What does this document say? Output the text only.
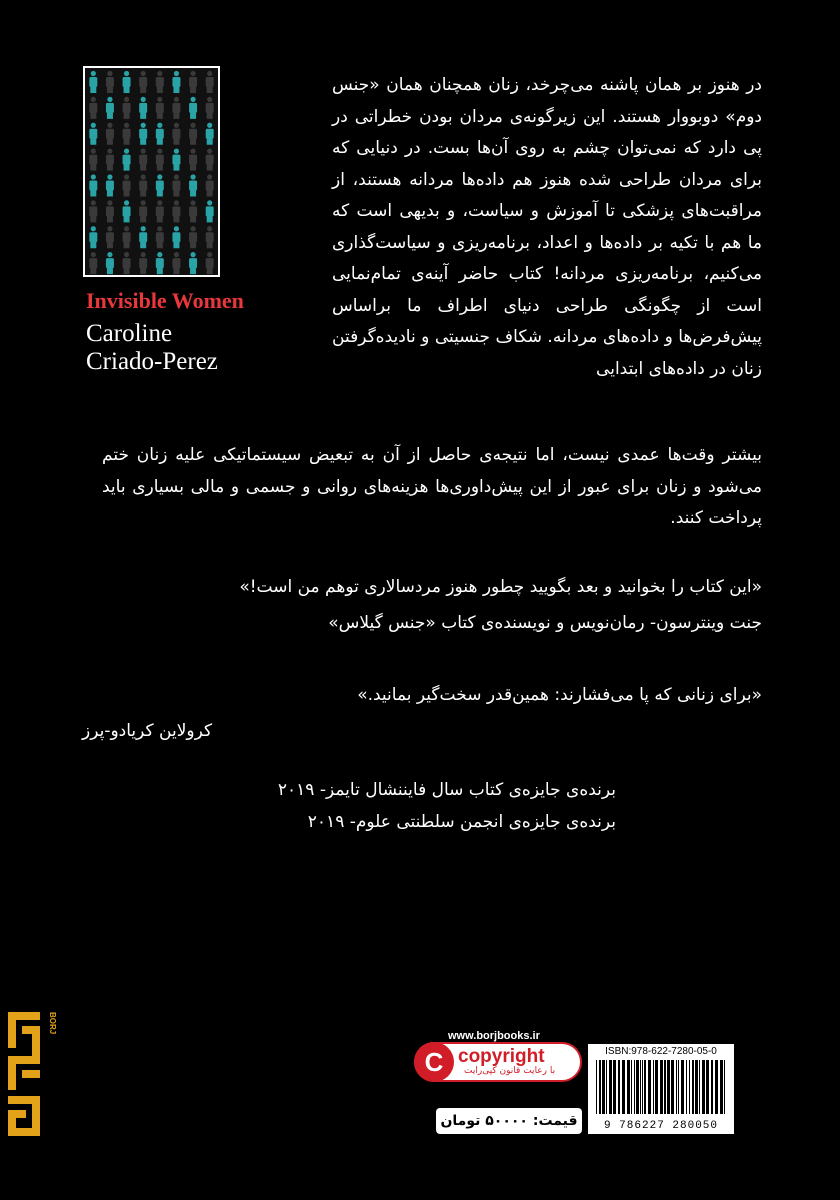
Invisible Women
Caroline
Criado-Perez
در هنوز بر همان پاشنه می‌چرخد، زنان همچنان همان «جنس دوم» دوبووار هستند. این زیرگونه‌ی مردان بودن خطراتی در پی دارد که نمی‌توان چشم به روی آن‌ها بست. در دنیایی که برای مردان طراحی شده هنوز هم داده‌ها مردانه هستند، از مراقبت‌های پزشکی تا آموزش و سیاست، و بدیهی است که ما هم با تکیه بر داده‌ها و اعداد، برنامه‌ریزی و سیاست‌گذاری می‌کنیم، برنامه‌ریزی مردانه! کتاب حاضر آینه‌ی تمام‌نمایی است از چگونگی طراحی دنیای اطراف ما براساس پیش‌فرض‌ها و داده‌های مردانه. شکاف جنسیتی و نادیده‌گرفتن زنان در داده‌های ابتدایی
بیشتر وقت‌ها عمدی نیست، اما نتیجه‌ی حاصل از آن به تبعیض سیستماتیکی علیه زنان ختم می‌شود و زنان برای عبور از این پیش‌داوری‌ها هزینه‌های روانی و جسمی و مالی بسیاری باید پرداخت کنند.
«این کتاب را بخوانید و بعد بگویید چطور هنوز مردسالاری توهم من است!»
جنت وینترسون- رمان‌نویس و نویسنده‌ی کتاب «جنس گیلاس»
«برای زنانی که پا می‌فشارند: همین‌قدر سخت‌گیر بمانید.»
کرولاین کریادو-پرز
برنده‌ی جایزه‌ی کتاب سال فایننشال تایمز- ۲۰۱۹
برنده‌ی جایزه‌ی انجمن سلطنتی علوم- ۲۰۱۹
BORJ
www.borjbooks.ir
C copyright
با رعایت قانون کپی‌رایت
قیمت: ۵۰۰۰۰ تومان
ISBN:978-622-7280-05-0
9 786227 280050
